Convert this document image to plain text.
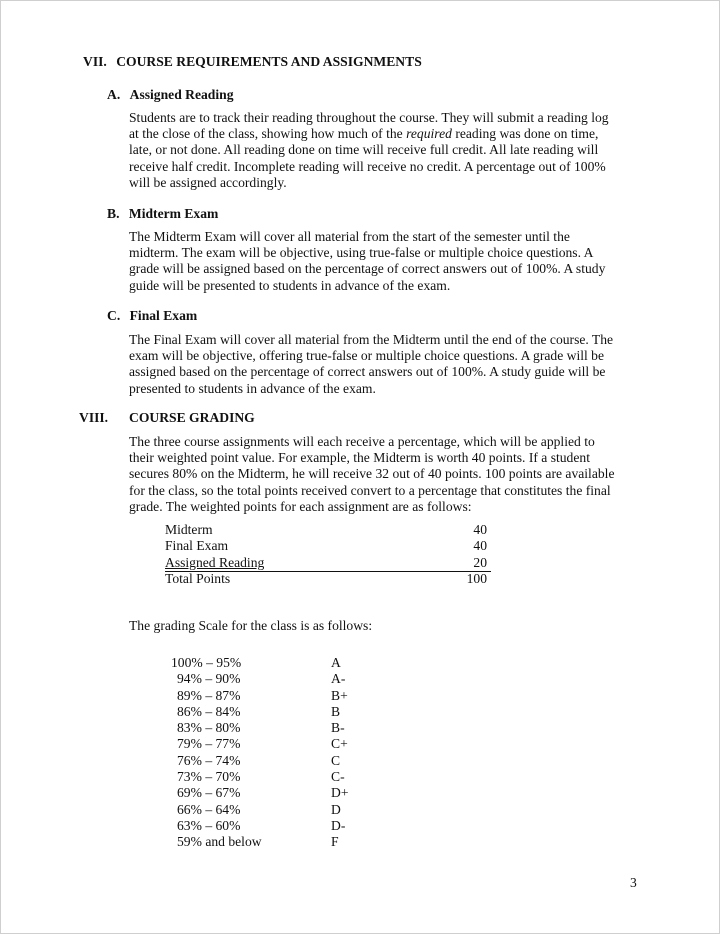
VII. COURSE REQUIREMENTS AND ASSIGNMENTS
A. Assigned Reading

Students are to track their reading throughout the course. They will submit a reading log

at the close of the class, showing how much of the required reading was done on time,

late, or not done. All reading done on time will receive full credit. All late reading will

receive half credit. Incomplete reading will receive no credit. A percentage out of 100%

will be assigned accordingly.

B. Midterm Exam

The Midterm Exam will cover all material from the start of the semester until the

midterm. The exam will be objective, using true-false or multiple choice questions. A

grade will be assigned based on the percentage of correct answers out of 100%. A study

guide will be presented to students in advance of the exam.

C. Final Exam

The Final Exam will cover all material from the Midterm until the end of the course. The

exam will be objective, offering true-false or multiple choice questions. A grade will be

assigned based on the percentage of correct answers out of 100%. A study guide will be

presented to students in advance of the exam.

VIII. COURSE GRADING

The three course assignments will each receive a percentage, which will be applied to

their weighted point value. For example, the Midterm is worth 40 points. If a student

secures 80% on the Midterm, he will receive 32 out of 40 points. 100 points are available

for the class, so the total points received convert to a percentage that constitutes the final

grade. The weighted points for each assignment are as follows:

Midterm	40
Final Exam	40
Assigned Reading	20
Total Points	100
The grading Scale for the class is as follows:
100% – 95%	A
94% – 90%	A-
89% – 87%	B+
86% – 84%	B
83% – 80%	B-
79% – 77%	C+
76% – 74%	C
73% – 70%	C-
69% – 67%	D+
66% – 64%	D
63% – 60%	D-
59% and below	F
3
